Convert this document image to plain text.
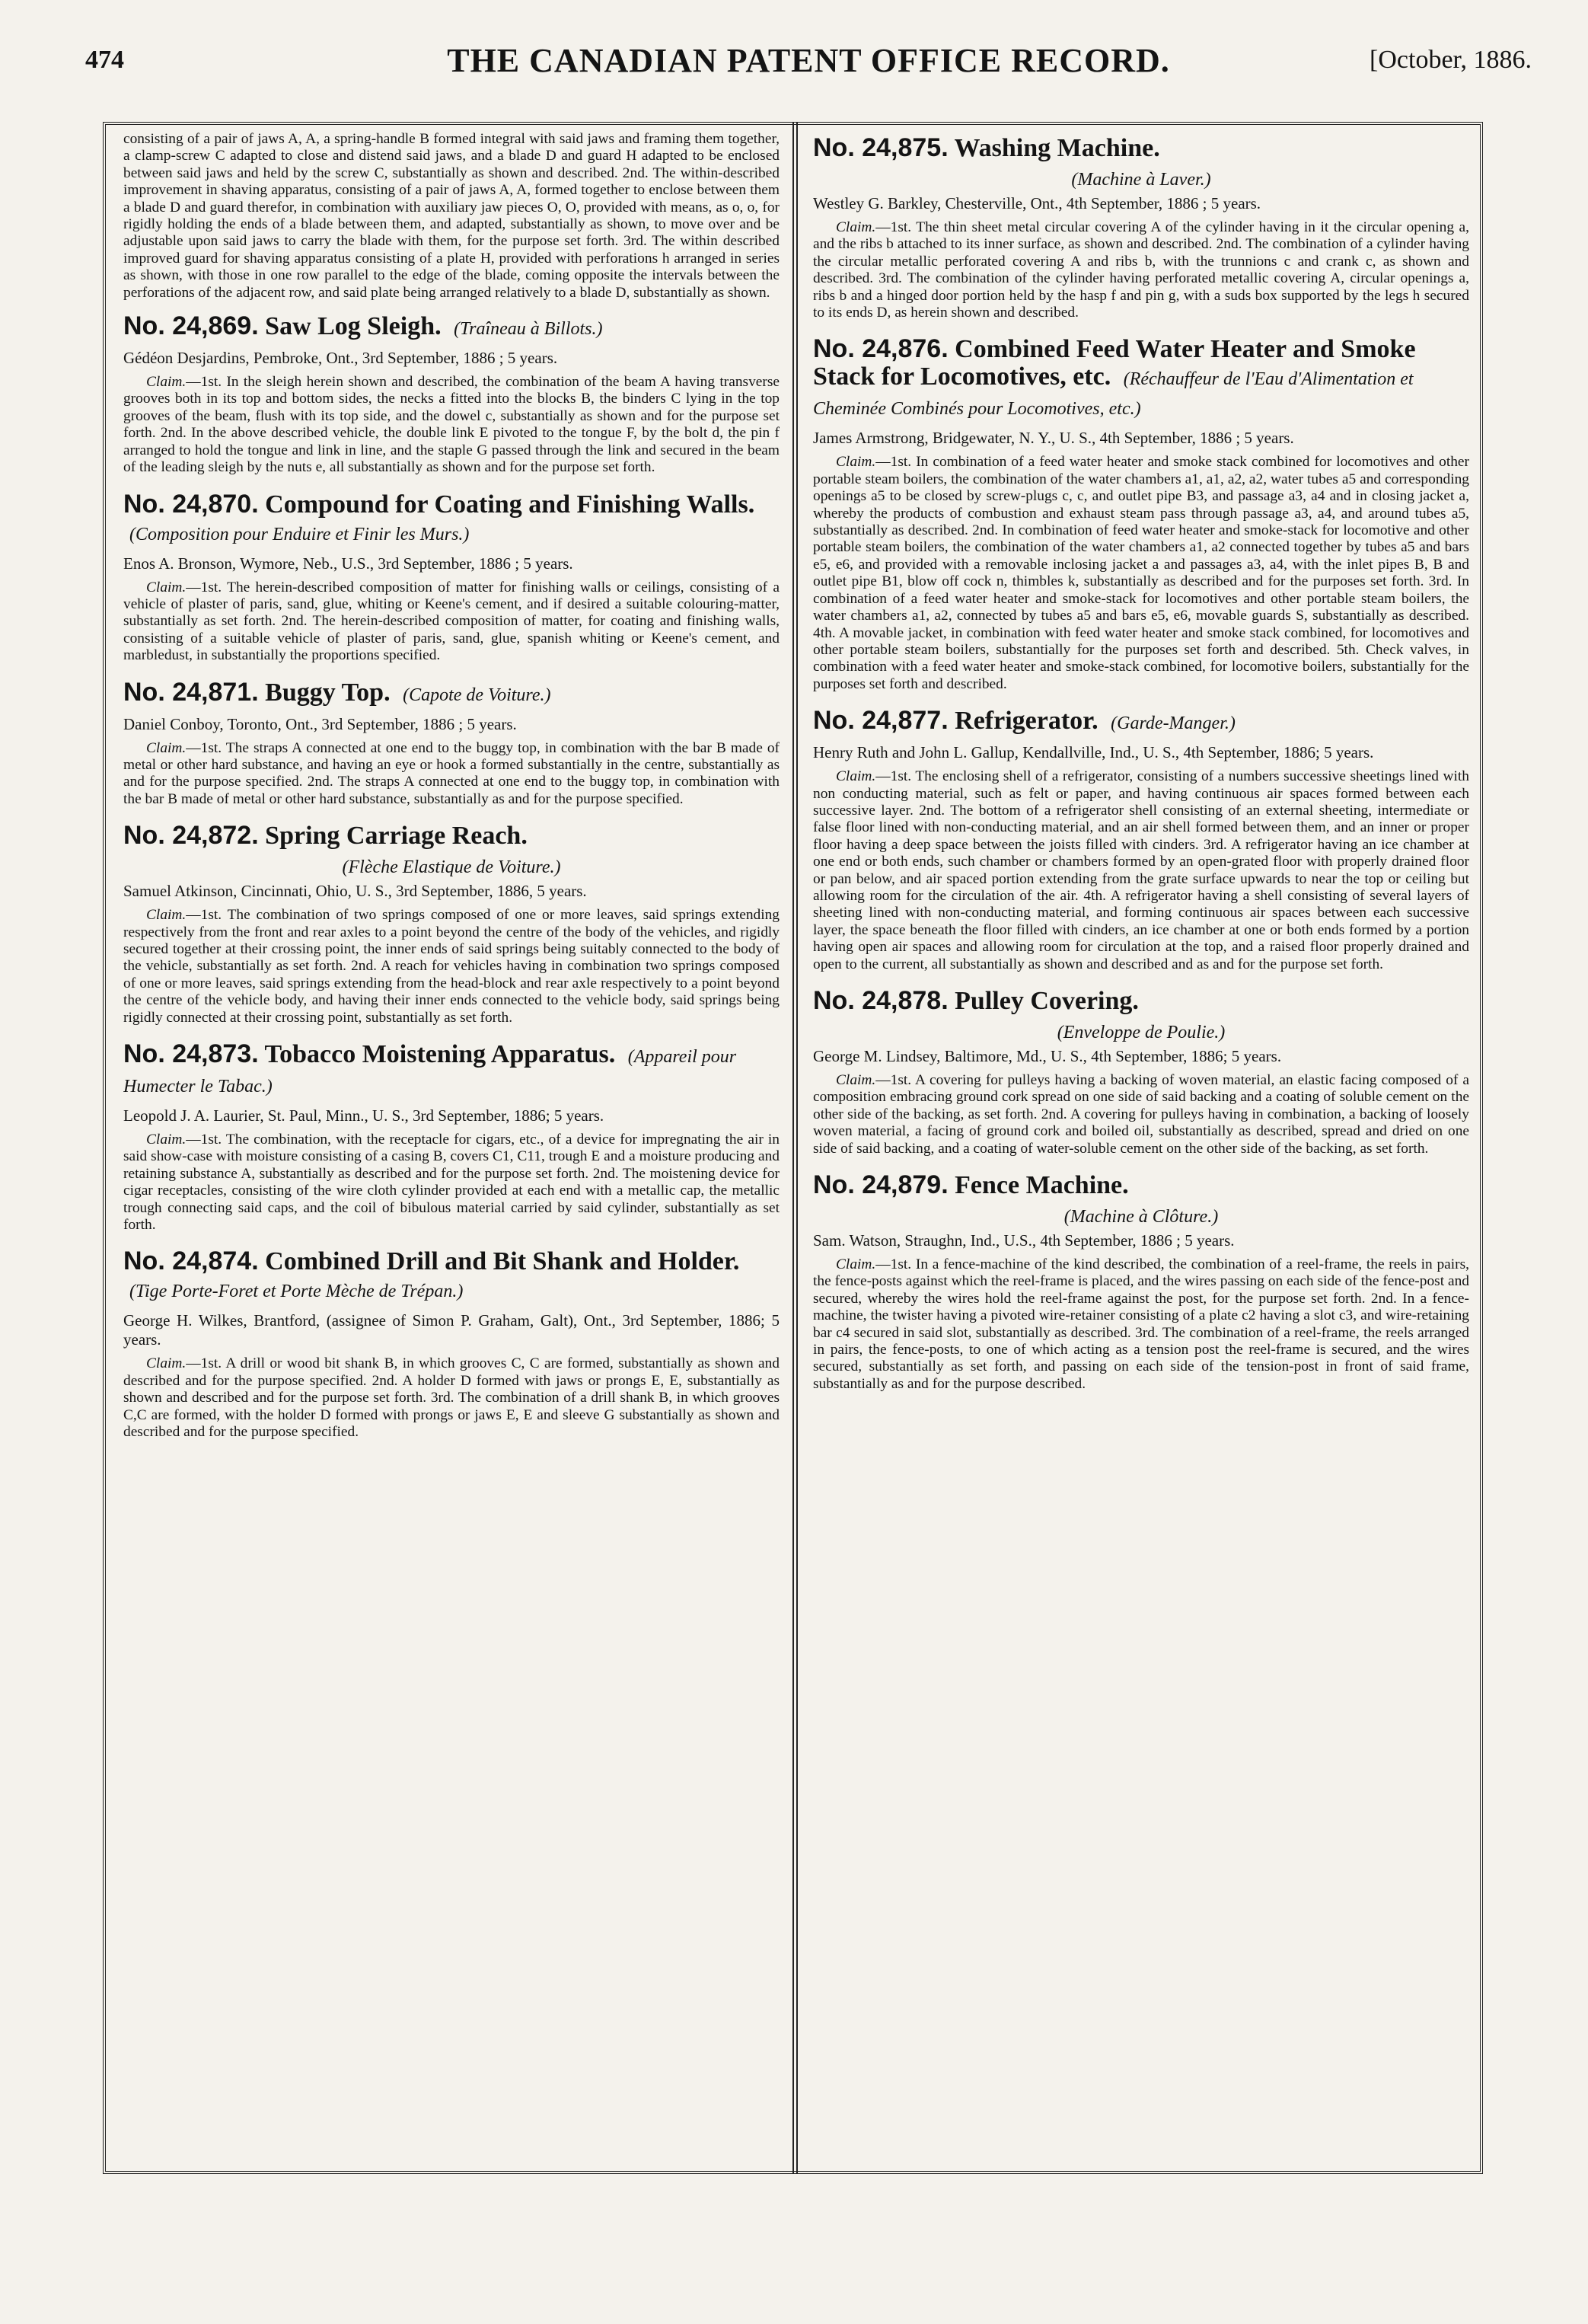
474	THE CANADIAN PATENT OFFICE RECORD.	[October, 1886.

consisting of a pair of jaws A, A, a spring-handle B formed integral with said jaws and framing them together, a clamp-screw C adapted to close and distend said jaws, and a blade D and guard H adapted to be enclosed between said jaws and held by the screw C, substantially as shown and described. 2nd. The within-described improvement in shaving apparatus, consisting of a pair of jaws A, A, formed together to enclose between them a blade D and guard therefor, in combination with auxiliary jaw pieces O, O, provided with means, as o, o, for rigidly holding the ends of a blade between them, and adapted, substantially as shown, to move over and be adjustable upon said jaws to carry the blade with them, for the purpose set forth. 3rd. The within described improved guard for shaving apparatus consisting of a plate H, provided with perforations h arranged in series as shown, with those in one row parallel to the edge of the blade, coming opposite the intervals between the perforations of the adjacent row, and said plate being arranged relatively to a blade D, substantially as shown.

No. 24,869. Saw Log Sleigh. (Traîneau à Billots.)

Gédéon Desjardins, Pembroke, Ont., 3rd September, 1886 ; 5 years.

Claim.—1st. In the sleigh herein shown and described, the combination of the beam A having transverse grooves both in its top and bottom sides, the necks a fitted into the blocks B, the binders C lying in the top grooves of the beam, flush with its top side, and the dowel c, substantially as shown and for the purpose set forth. 2nd. In the above described vehicle, the double link E pivoted to the tongue F, by the bolt d, the pin f arranged to hold the tongue and link in line, and the staple G passed through the link and secured in the beam of the leading sleigh by the nuts e, all substantially as shown and for the purpose set forth.

No. 24,870. Compound for Coating and Finishing Walls. (Composition pour Enduire et Finir les Murs.)

Enos A. Bronson, Wymore, Neb., U.S., 3rd September, 1886 ; 5 years.

Claim.—1st. The herein-described composition of matter for finishing walls or ceilings, consisting of a vehicle of plaster of paris, sand, glue, whiting or Keene's cement, and if desired a suitable colouring-matter, substantially as set forth. 2nd. The herein-described composition of matter, for coating and finishing walls, consisting of a suitable vehicle of plaster of paris, sand, glue, spanish whiting or Keene's cement, and marbledust, in substantially the proportions specified.

No. 24,871. Buggy Top. (Capote de Voiture.)

Daniel Conboy, Toronto, Ont., 3rd September, 1886 ; 5 years.

Claim.—1st. The straps A connected at one end to the buggy top, in combination with the bar B made of metal or other hard substance, and having an eye or hook a formed substantially in the centre, substantially as and for the purpose specified. 2nd. The straps A connected at one end to the buggy top, in combination with the bar B made of metal or other hard substance, substantially as and for the purpose specified.

No. 24,872. Spring Carriage Reach.
(Flèche Elastique de Voiture.)

Samuel Atkinson, Cincinnati, Ohio, U. S., 3rd September, 1886, 5 years.

Claim.—1st. The combination of two springs composed of one or more leaves, said springs extending respectively from the front and rear axles to a point beyond the centre of the body of the vehicles, and rigidly secured together at their crossing point, the inner ends of said springs being suitably connected to the body of the vehicle, substantially as set forth. 2nd. A reach for vehicles having in combination two springs composed of one or more leaves, said springs extending from the head-block and rear axle respectively to a point beyond the centre of the vehicle body, and having their inner ends connected to the vehicle body, said springs being rigidly connected at their crossing point, substantially as set forth.

No. 24,873. Tobacco Moistening Apparatus. (Appareil pour Humecter le Tabac.)

Leopold J. A. Laurier, St. Paul, Minn., U. S., 3rd September, 1886; 5 years.

Claim.—1st. The combination, with the receptacle for cigars, etc., of a device for impregnating the air in said show-case with moisture consisting of a casing B, covers C1, C11, trough E and a moisture producing and retaining substance A, substantially as described and for the purpose set forth. 2nd. The moistening device for cigar receptacles, consisting of the wire cloth cylinder provided at each end with a metallic cap, the metallic trough connecting said caps, and the coil of bibulous material carried by said cylinder, substantially as set forth.

No. 24,874. Combined Drill and Bit Shank and Holder. (Tige Porte-Foret et Porte Mèche de Trépan.)

George H. Wilkes, Brantford, (assignee of Simon P. Graham, Galt), Ont., 3rd September, 1886; 5 years.

Claim.—1st. A drill or wood bit shank B, in which grooves C, C are formed, substantially as shown and described and for the purpose specified. 2nd. A holder D formed with jaws or prongs E, E, substantially as shown and described and for the purpose set forth. 3rd. The combination of a drill shank B, in which grooves C,C are formed, with the holder D formed with prongs or jaws E, E and sleeve G substantially as shown and described and for the purpose specified.

No. 24,875. Washing Machine.
(Machine à Laver.)

Westley G. Barkley, Chesterville, Ont., 4th September, 1886 ; 5 years.

Claim.—1st. The thin sheet metal circular covering A of the cylinder having in it the circular opening a, and the ribs b attached to its inner surface, as shown and described. 2nd. The combination of a cylinder having the circular metallic perforated covering A and ribs b, with the trunnions c and crank c, as shown and described. 3rd. The combination of the cylinder having perforated metallic covering A, circular openings a, ribs b and a hinged door portion held by the hasp f and pin g, with a suds box supported by the legs h secured to its ends D, as herein shown and described.

No. 24,876. Combined Feed Water Heater and Smoke Stack for Locomotives, etc. (Réchauffeur de l'Eau d'Alimentation et Cheminée Combinés pour Locomotives, etc.)

James Armstrong, Bridgewater, N. Y., U. S., 4th September, 1886 ; 5 years.

Claim.—1st. In combination of a feed water heater and smoke stack combined for locomotives and other portable steam boilers, the combination of the water chambers a1, a1, a2, a2, water tubes a5 and corresponding openings a5 to be closed by screw-plugs c, c, and outlet pipe B3, and passage a3, a4 and in closing jacket a, whereby the products of combustion and exhaust steam pass through passage a3, a4, and around tubes a5, substantially as described. 2nd. In combination of feed water heater and smoke-stack for locomotive and other portable steam boilers, the combination of the water chambers a1, a2 connected together by tubes a5 and bars e5, e6, and provided with a removable inclosing jacket a and passages a3, a4, with the inlet pipes B, B and outlet pipe B1, blow off cock n, thimbles k, substantially as described and for the purposes set forth. 3rd. In combination of a feed water heater and smoke-stack for locomotives and other portable steam boilers, the water chambers a1, a2, connected by tubes a5 and bars e5, e6, movable guards S, substantially as described. 4th. A movable jacket, in combination with feed water heater and smoke stack combined, for locomotives and other portable steam boilers, substantially for the purposes set forth and described. 5th. Check valves, in combination with a feed water heater and smoke-stack combined, for locomotive boilers, substantially for the purposes set forth and described.

No. 24,877. Refrigerator. (Garde-Manger.)

Henry Ruth and John L. Gallup, Kendallville, Ind., U. S., 4th September, 1886; 5 years.

Claim.—1st. The enclosing shell of a refrigerator, consisting of a numbers successive sheetings lined with non conducting material, such as felt or paper, and having continuous air spaces formed between each successive layer. 2nd. The bottom of a refrigerator shell consisting of an external sheeting, intermediate or false floor lined with non-conducting material, and an air shell formed between them, and an inner or proper floor having a deep space between the joists filled with cinders. 3rd. A refrigerator having an ice chamber at one end or both ends, such chamber or chambers formed by an open-grated floor with properly drained floor or pan below, and air spaced portion extending from the grate surface upwards to near the top or ceiling but allowing room for the circulation of the air. 4th. A refrigerator having a shell consisting of several layers of sheeting lined with non-conducting material, and forming continuous air spaces between each successive layer, the space beneath the floor filled with cinders, an ice chamber at one or both ends formed by a portion having open air spaces and allowing room for circulation at the top, and a raised floor properly drained and open to the current, all substantially as shown and described and as and for the purpose set forth.

No. 24,878. Pulley Covering.
(Enveloppe de Poulie.)

George M. Lindsey, Baltimore, Md., U. S., 4th September, 1886; 5 years.

Claim.—1st. A covering for pulleys having a backing of woven material, an elastic facing composed of a composition embracing ground cork spread on one side of said backing and a coating of soluble cement on the other side of the backing, as set forth. 2nd. A covering for pulleys having in combination, a backing of loosely woven material, a facing of ground cork and boiled oil, substantially as described, spread and dried on one side of said backing, and a coating of water-soluble cement on the other side of the backing, as set forth.

No. 24,879. Fence Machine.
(Machine à Clôture.)

Sam. Watson, Straughn, Ind., U.S., 4th September, 1886 ; 5 years.

Claim.—1st. In a fence-machine of the kind described, the combination of a reel-frame, the reels in pairs, the fence-posts against which the reel-frame is placed, and the wires passing on each side of the fence-post and secured, whereby the wires hold the reel-frame against the post, for the purpose set forth. 2nd. In a fence-machine, the twister having a pivoted wire-retainer consisting of a plate c2 having a slot c3, and wire-retaining bar c4 secured in said slot, substantially as described. 3rd. The combination of a reel-frame, the reels arranged in pairs, the fence-posts, to one of which acting as a tension post the reel-frame is secured, and the wires secured, substantially as set forth, and passing on each side of the tension-post in front of said frame, substantially as and for the purpose described.
